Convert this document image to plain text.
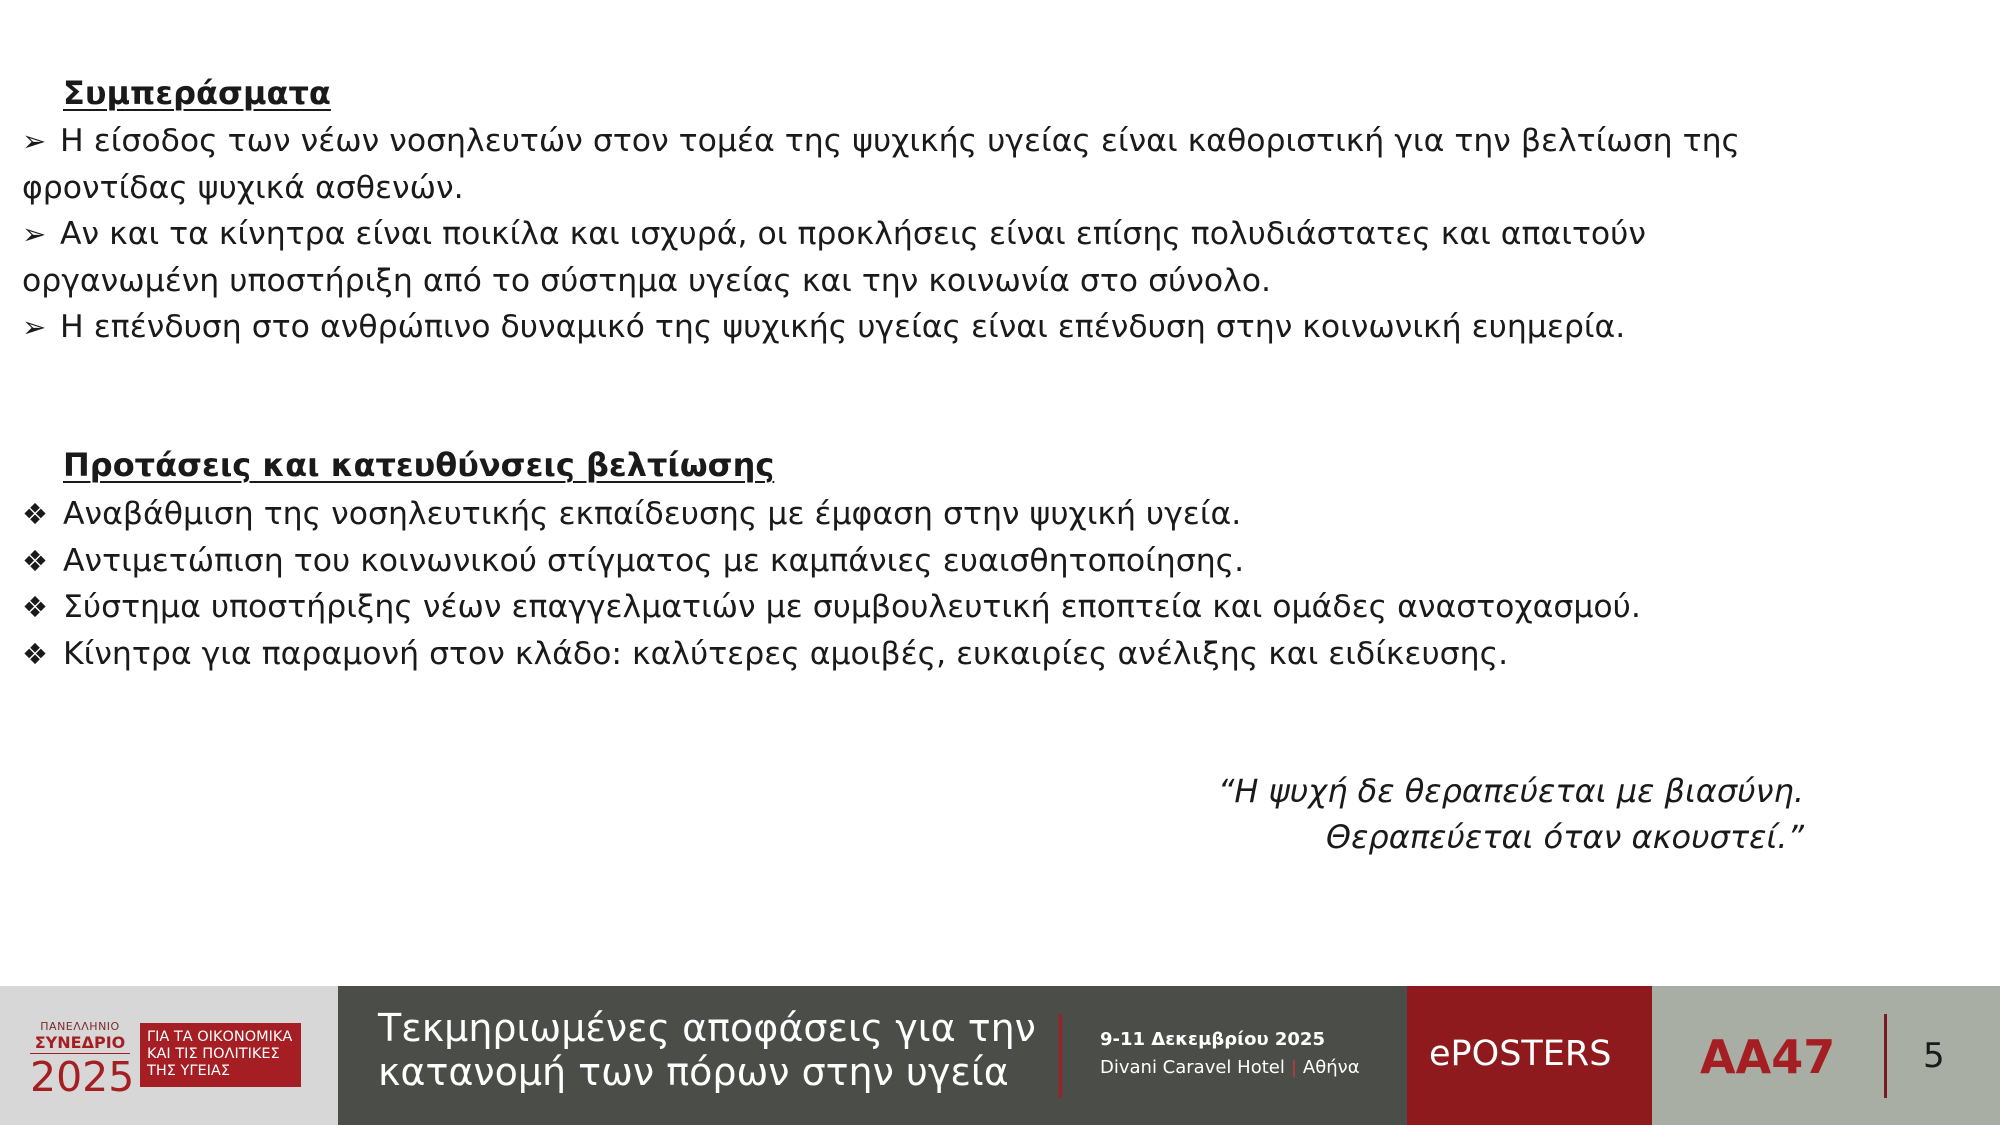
Συμπεράσματα
➢ Η είσοδος των νέων νοσηλευτών στον τομέα της ψυχικής υγείας είναι καθοριστική για την βελτίωση της φροντίδας ψυχικά ασθενών.
➢ Αν και τα κίνητρα είναι ποικίλα και ισχυρά, οι προκλήσεις είναι επίσης πολυδιάστατες και απαιτούν οργανωμένη υποστήριξη από το σύστημα υγείας και την κοινωνία στο σύνολο.
➢ Η επένδυση στο ανθρώπινο δυναμικό της ψυχικής υγείας είναι επένδυση στην κοινωνική ευημερία.
Προτάσεις και κατευθύνσεις βελτίωσης
❖ Αναβάθμιση της νοσηλευτικής εκπαίδευσης με έμφαση στην ψυχική υγεία.
❖ Αντιμετώπιση του κοινωνικού στίγματος με καμπάνιες ευαισθητοποίησης.
❖ Σύστημα υποστήριξης νέων επαγγελματιών με συμβουλευτική εποπτεία και ομάδες αναστοχασμού.
❖ Κίνητρα για παραμονή στον κλάδο: καλύτερες αμοιβές, ευκαιρίες ανέλιξης και ειδίκευσης.
“Η ψυχή δε θεραπεύεται με βιασύνη.
Θεραπεύεται όταν ακουστεί.”
ΠΑΝΕΛΛΗΝΙΟ
ΣΥΝΕΔΡΙΟ
2025
ΓΙΑ ΤΑ ΟΙΚΟΝΟΜΙΚΑ
ΚΑΙ ΤΙΣ ΠΟΛΙΤΙΚΕΣ
ΤΗΣ ΥΓΕΙΑΣ
Τεκμηριωμένες αποφάσεις για την
κατανομή των πόρων στην υγεία
9-11 Δεκεμβρίου 2025
Divani Caravel Hotel | Αθήνα ePOSTERS AA47	5
